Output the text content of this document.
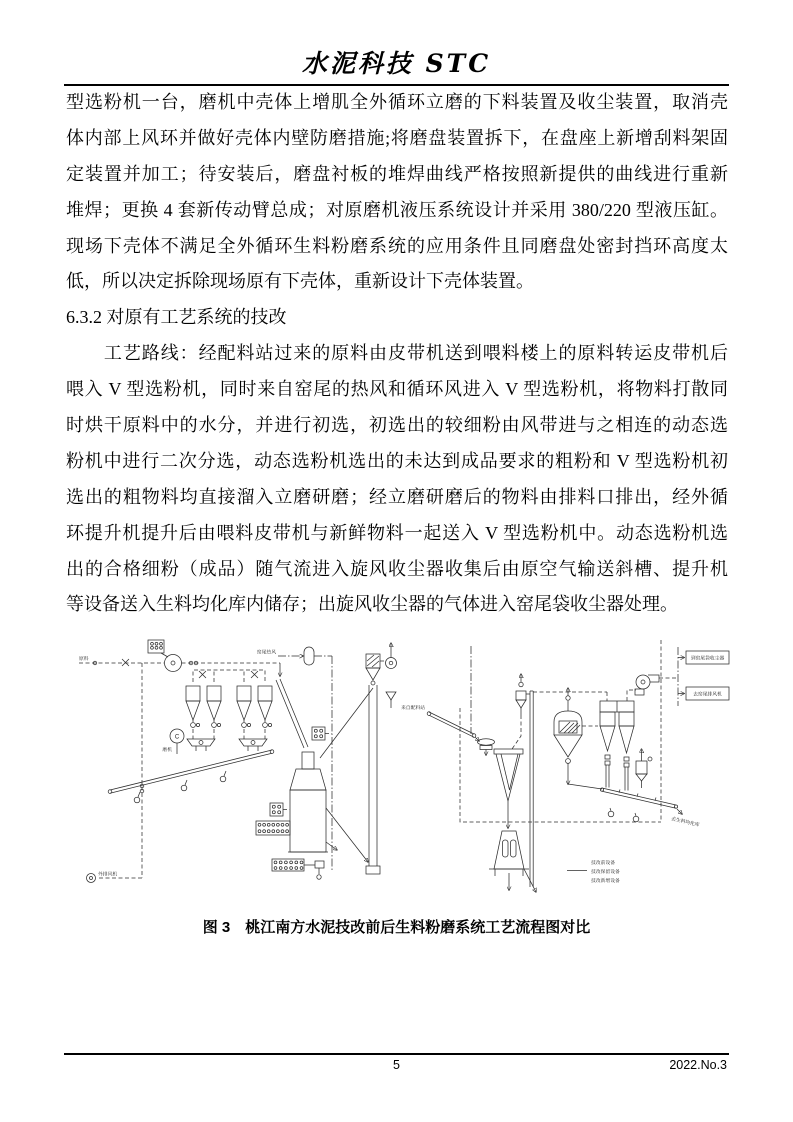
水泥科技 STC
型选粉机一台，磨机中壳体上增肌全外循环立磨的下料装置及收尘装置，取消壳
体内部上风环并做好壳体内壁防磨措施;将磨盘装置拆下，在盘座上新增刮料架固
定装置并加工；待安装后，磨盘衬板的堆焊曲线严格按照新提供的曲线进行重新
堆焊；更换 4 套新传动臂总成；对原磨机液压系统设计并采用 380/220 型液压缸。
现场下壳体不满足全外循环生料粉磨系统的应用条件且同磨盘处密封挡环高度太
低，所以决定拆除现场原有下壳体，重新设计下壳体装置。
6.3.2 对原有工艺系统的技改
　　工艺路线：经配料站过来的原料由皮带机送到喂料楼上的原料转运皮带机后
喂入 V 型选粉机，同时来自窑尾的热风和循环风进入 V 型选粉机，将物料打散同
时烘干原料中的水分，并进行初选，初选出的较细粉由风带进与之相连的动态选
粉机中进行二次分选，动态选粉机选出的未达到成品要求的粗粉和 V 型选粉机初
选出的粗物料均直接溜入立磨研磨；经立磨研磨后的物料由排料口排出，经外循
环提升机提升后由喂料皮带机与新鲜物料一起送入 V 型选粉机中。动态选粉机选
出的合格细粉（成品）随气流进入旋风收尘器收集后由原空气输送斜槽、提升机
等设备送入生料均化库内储存；出旋风收尘器的气体进入窑尾袋收尘器处理。
原料
外排风机
C
磨机
窑尾热风
来自配料站
到窑尾袋收尘器
去窑尾排风机
去生料均化库
技改前设备
技改保留设备
技改新增设备
图 3　桃江南方水泥技改前后生料粉磨系统工艺流程图对比
5	2022.No.3
